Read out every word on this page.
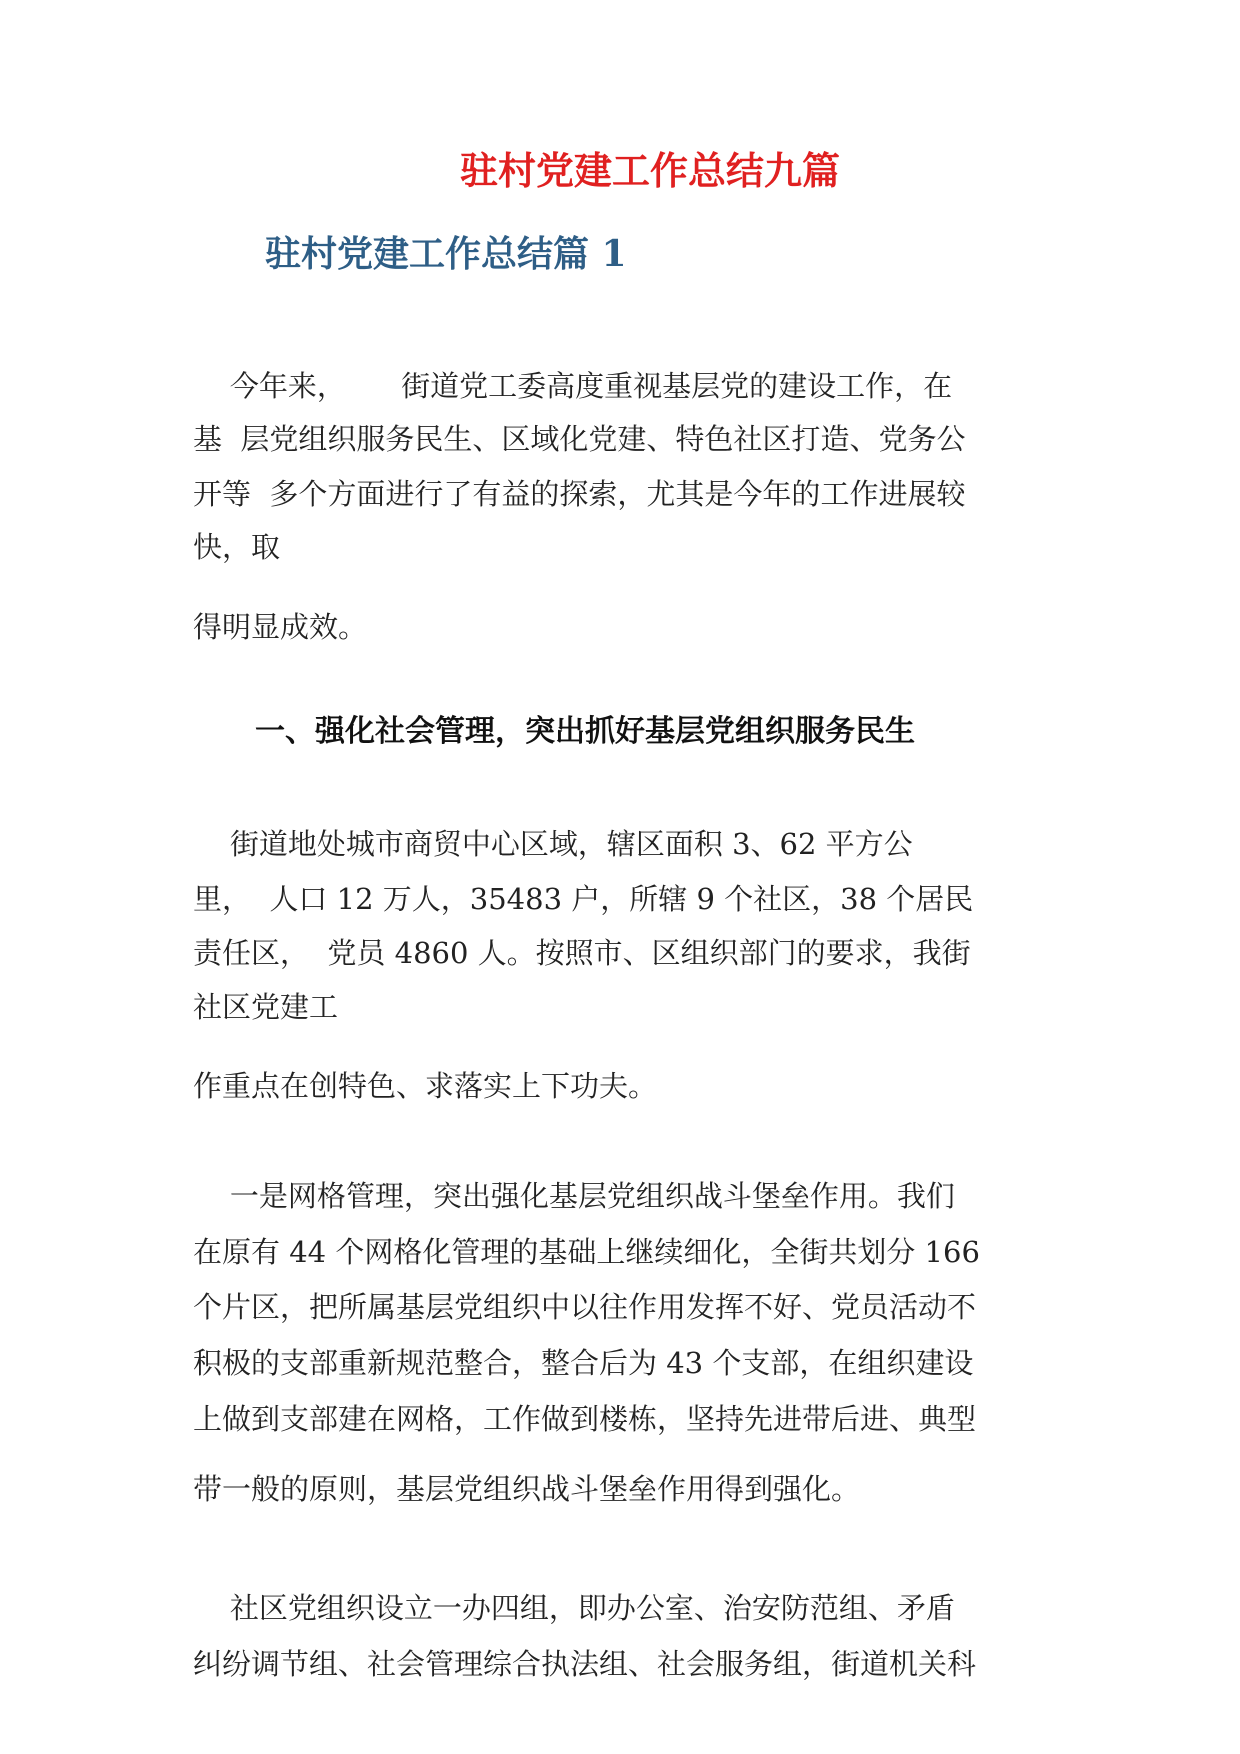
驻村党建工作总结九篇
驻村党建工作总结篇 1
今年来，      街道党工委高度重视基层党的建设工作，在
基  层党组织服务民生、区域化党建、特色社区打造、党务公
开等  多个方面进行了有益的探索，尤其是今年的工作进展较
快，取
得明显成效。
一、强化社会管理，突出抓好基层党组织服务民生
街道地处城市商贸中心区域，辖区面积 3、62 平方公
里，  人口 12 万人，35483 户，所辖 9 个社区，38 个居民
责任区，  党员 4860 人。按照市、区组织部门的要求，我街
社区党建工
作重点在创特色、求落实上下功夫。
一是网格管理，突出强化基层党组织战斗堡垒作用。我们
在原有 44 个网格化管理的基础上继续细化，全街共划分 166
个片区，把所属基层党组织中以往作用发挥不好、党员活动不
积极的支部重新规范整合，整合后为 43 个支部，在组织建设
上做到支部建在网格，工作做到楼栋，坚持先进带后进、典型
带一般的原则，基层党组织战斗堡垒作用得到强化。
社区党组织设立一办四组，即办公室、治安防范组、矛盾
纠纷调节组、社会管理综合执法组、社会服务组，街道机关科
